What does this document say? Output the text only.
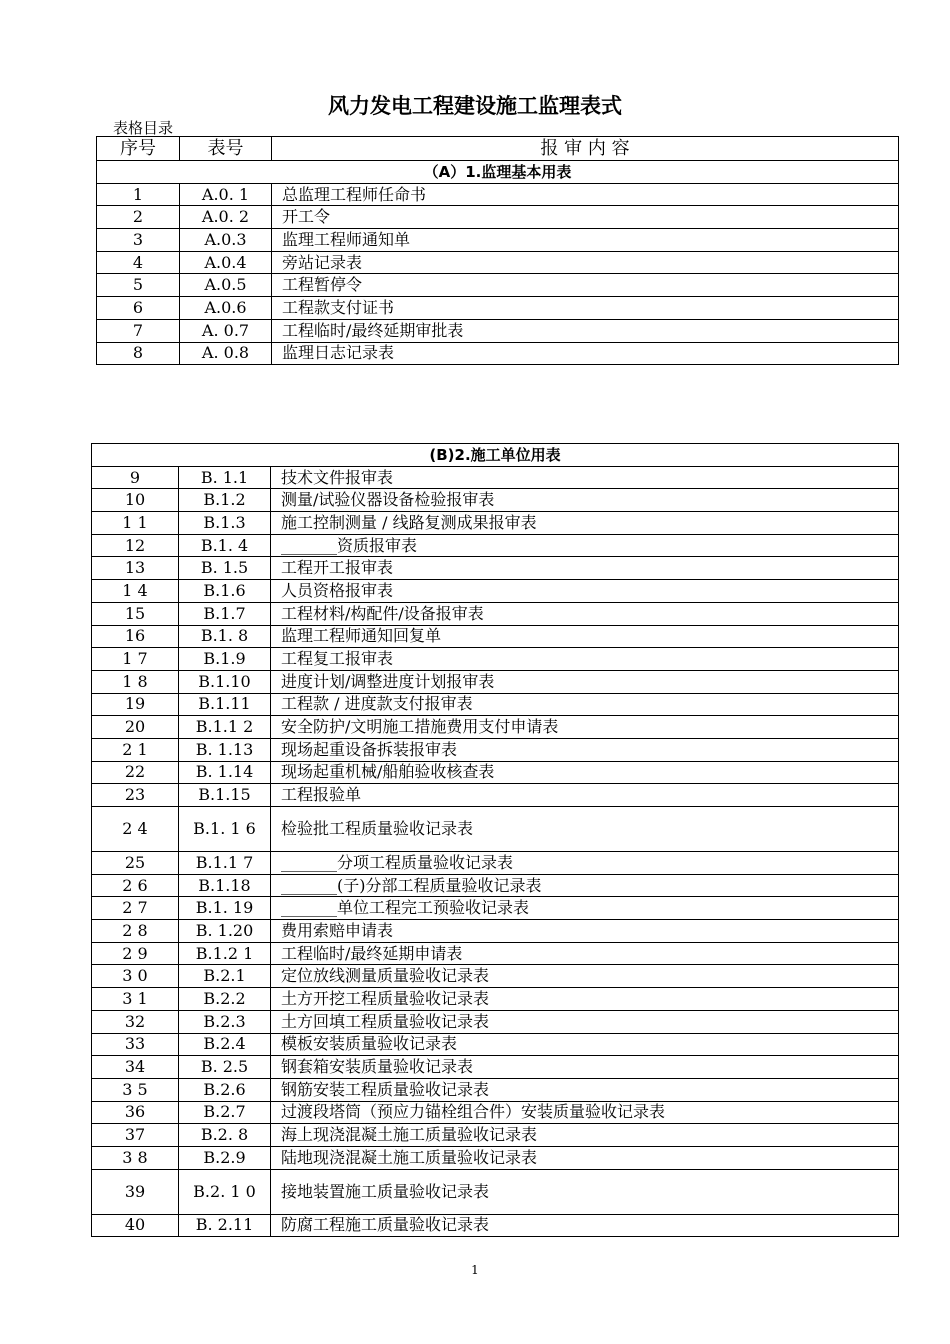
风力发电工程建设施工监理表式
表格目录
序号	表号	报 审 内 容
（A）1.监理基本用表		
1	A.0. 1	总监理工程师任命书
2	A.0. 2	开工令
3	A.0.3	监理工程师通知单
4	A.0.4	旁站记录表
5	A.0.5	工程暂停令
6	A.0.6	工程款支付证书
7	A. 0.7	工程临时/最终延期审批表
8	A. 0.8	监理日志记录表
(B)2.施工单位用表		
9	B. 1.1	技术文件报审表
10	B.1.2	测量/试验仪器设备检验报审表
1 1	B.1.3	施工控制测量 / 线路复测成果报审表
12	B.1. 4	_______资质报审表
13	B. 1.5	工程开工报审表
1 4	B.1.6	人员资格报审表
15	B.1.7	工程材料/构配件/设备报审表
16	B.1. 8	监理工程师通知回复单
1 7	B.1.9	工程复工报审表
1 8	B.1.10	进度计划/调整进度计划报审表
19	B.1.11	工程款 / 进度款支付报审表
20	B.1.1 2	安全防护/文明施工措施费用支付申请表
2 1	B. 1.13	现场起重设备拆装报审表
22	B. 1.14	现场起重机械/船舶验收核查表
23	B.1.15	工程报验单
2 4	B.1. 1 6	检验批工程质量验收记录表
25	B.1.1 7	_______分项工程质量验收记录表
2 6	B.1.18	_______(子)分部工程质量验收记录表
2 7	B.1. 19	_______单位工程完工预验收记录表
2 8	B. 1.20	费用索赔申请表
2 9	B.1.2 1	工程临时/最终延期申请表
3 0	B.2.1	定位放线测量质量验收记录表
3 1	B.2.2	土方开挖工程质量验收记录表
32	B.2.3	土方回填工程质量验收记录表
33	B.2.4	模板安装质量验收记录表
34	B. 2.5	钢套箱安装质量验收记录表
3 5	B.2.6	钢筋安装工程质量验收记录表
36	B.2.7	过渡段塔筒（预应力锚栓组合件）安装质量验收记录表
37	B.2. 8	海上现浇混凝土施工质量验收记录表
3 8	B.2.9	陆地现浇混凝土施工质量验收记录表
39	B.2. 1 0	接地装置施工质量验收记录表
40	B. 2.11	防腐工程施工质量验收记录表
1
